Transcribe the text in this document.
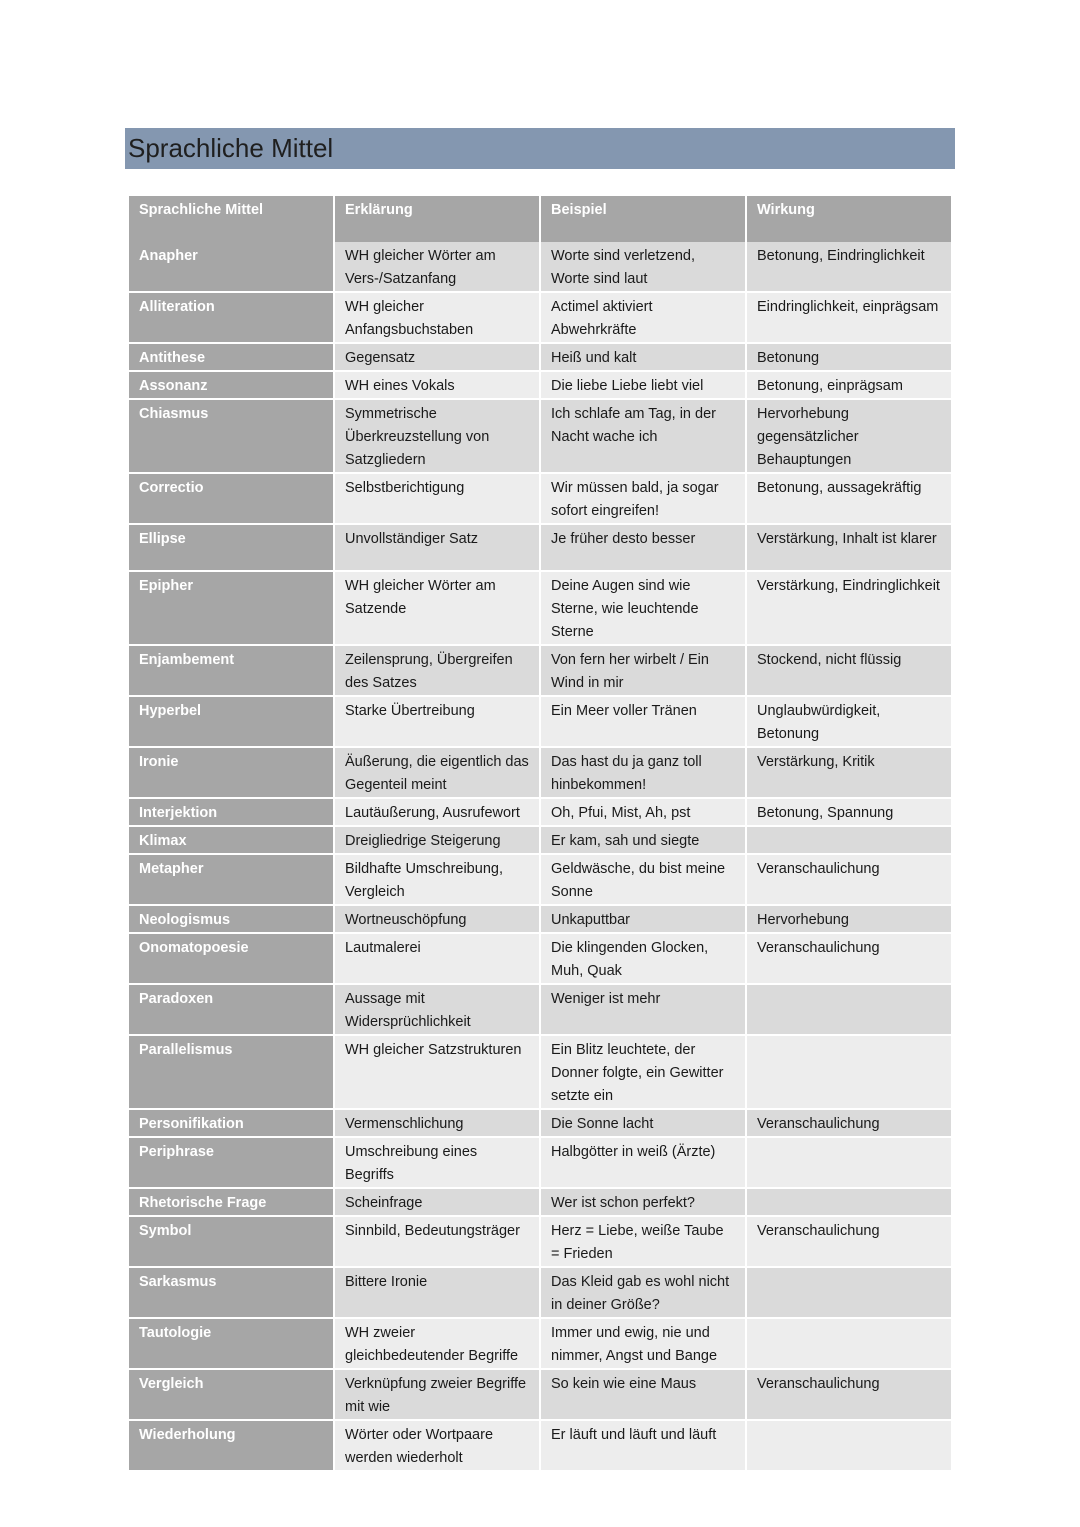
Sprachliche Mittel
Sprachliche Mittel	Erklärung	Beispiel	Wirkung
Anapher	WH gleicher Wörter am Vers-/Satzanfang	Worte sind verletzend, Worte sind laut	Betonung, Eindringlichkeit
Alliteration	WH gleicher Anfangsbuchstaben	Actimel aktiviert Abwehrkräfte	Eindringlichkeit, einprägsam
Antithese	Gegensatz	Heiß und kalt	Betonung
Assonanz	WH eines Vokals	Die liebe Liebe liebt viel	Betonung, einprägsam
Chiasmus	Symmetrische Überkreuzstellung von Satzgliedern	Ich schlafe am Tag, in der Nacht wache ich	Hervorhebung gegensätzlicher Behauptungen
Correctio	Selbstberichtigung	Wir müssen bald, ja sogar sofort eingreifen!	Betonung, aussagekräftig
Ellipse	Unvollständiger Satz	Je früher desto besser	Verstärkung, Inhalt ist klarer
Epipher	WH gleicher Wörter am Satzende	Deine Augen sind wie Sterne, wie leuchtende Sterne	Verstärkung, Eindringlichkeit
Enjambement	Zeilensprung, Übergreifen des Satzes	Von fern her wirbelt / Ein Wind in mir	Stockend, nicht flüssig
Hyperbel	Starke Übertreibung	Ein Meer voller Tränen	Unglaubwürdigkeit, Betonung
Ironie	Äußerung, die eigentlich das Gegenteil meint	Das hast du ja ganz toll hinbekommen!	Verstärkung, Kritik
Interjektion	Lautäußerung, Ausrufewort	Oh, Pfui, Mist, Ah, pst	Betonung, Spannung
Klimax	Dreigliedrige Steigerung	Er kam, sah und siegte	
Metapher	Bildhafte Umschreibung, Vergleich	Geldwäsche, du bist meine Sonne	Veranschaulichung
Neologismus	Wortneuschöpfung	Unkaputtbar	Hervorhebung
Onomatopoesie	Lautmalerei	Die klingenden Glocken, Muh, Quak	Veranschaulichung
Paradoxen	Aussage mit Widersprüchlichkeit	Weniger ist mehr	
Parallelismus	WH gleicher Satzstrukturen	Ein Blitz leuchtete, der Donner folgte, ein Gewitter setzte ein	
Personifikation	Vermenschlichung	Die Sonne lacht	Veranschaulichung
Periphrase	Umschreibung eines Begriffs	Halbgötter in weiß (Ärzte)	
Rhetorische Frage	Scheinfrage	Wer ist schon perfekt?	
Symbol	Sinnbild, Bedeutungsträger	Herz = Liebe, weiße Taube = Frieden	Veranschaulichung
Sarkasmus	Bittere Ironie	Das Kleid gab es wohl nicht in deiner Größe?	
Tautologie	WH zweier gleichbedeutender Begriffe	Immer und ewig, nie und nimmer, Angst und Bange	
Vergleich	Verknüpfung zweier Begriffe mit wie	So kein wie eine Maus	Veranschaulichung
Wiederholung	Wörter oder Wortpaare werden wiederholt	Er läuft und läuft und läuft	
